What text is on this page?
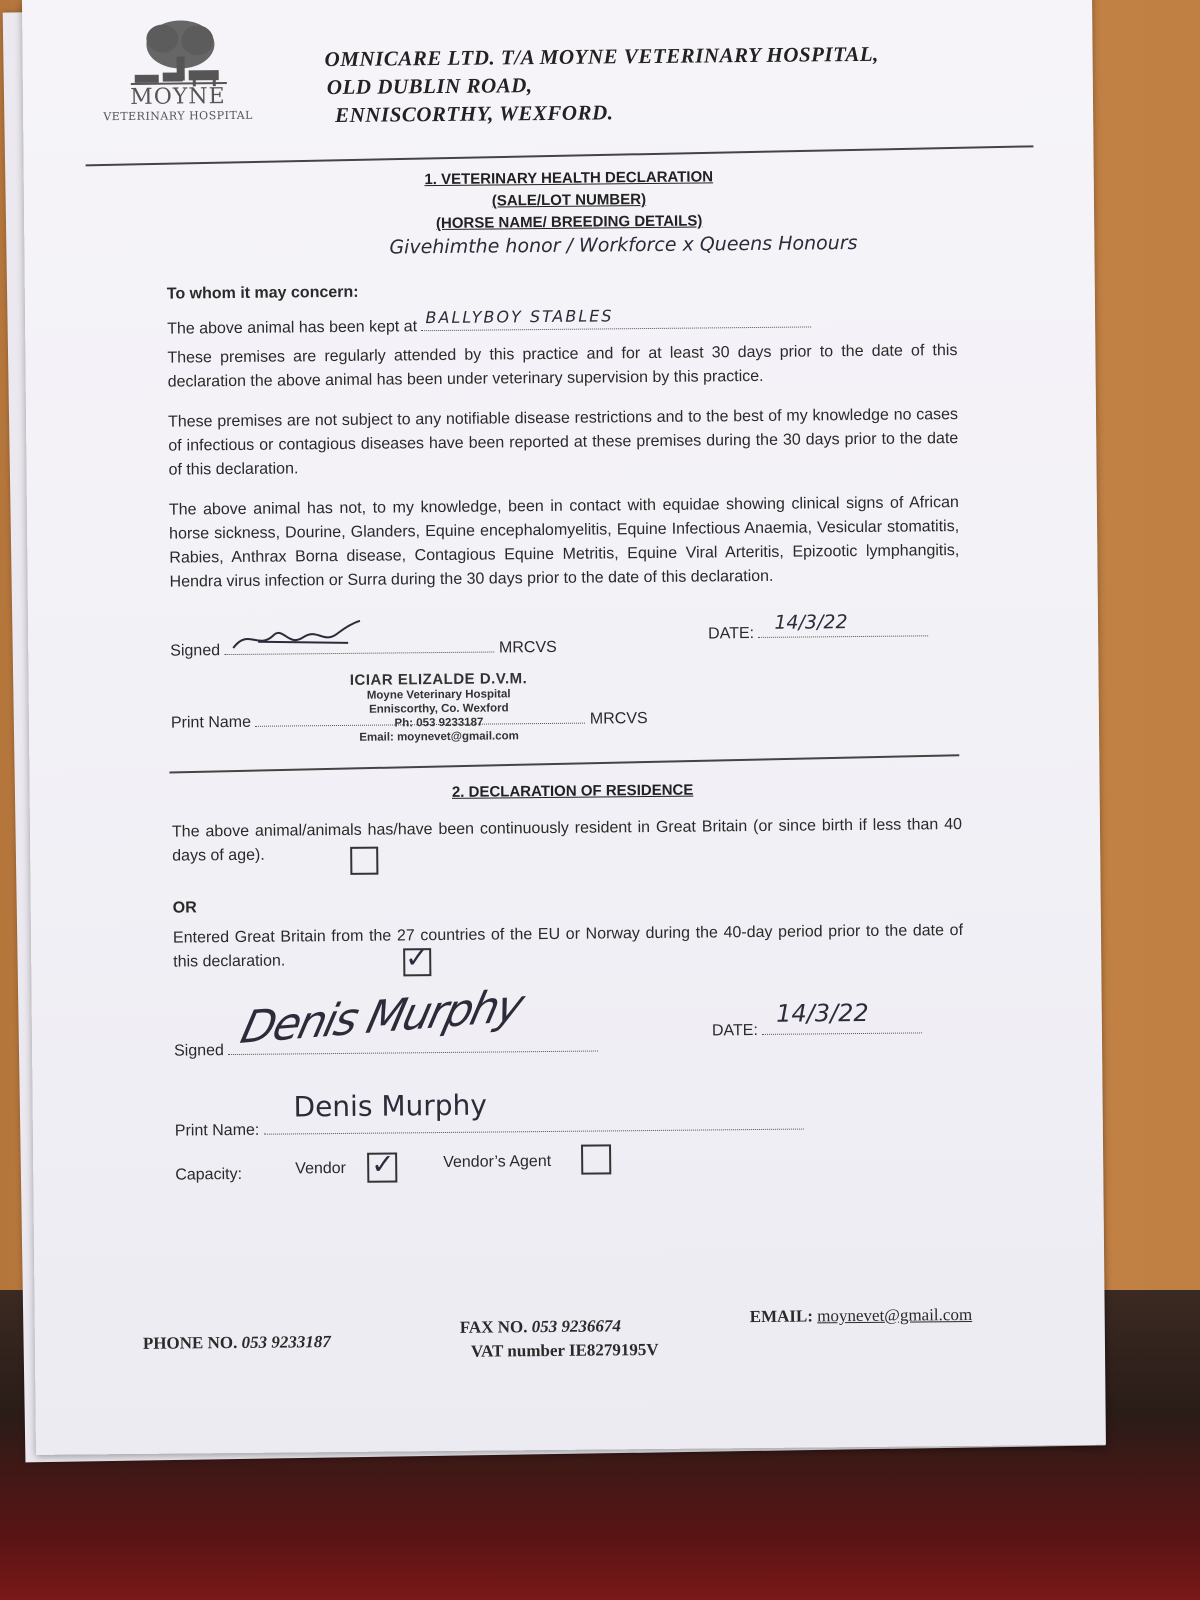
MOYNE
VETERINARY HOSPITAL
OMNICARE LTD. T/A MOYNE VETERINARY HOSPITAL,
OLD DUBLIN ROAD,
ENNISCORTHY, WEXFORD.
1. VETERINARY HEALTH DECLARATION
(SALE/LOT NUMBER)
(HORSE NAME/ BREEDING DETAILS)
Givehimthe honor / Workforce x Queens Honours
To whom it may concern:
The above animal has been kept at
BALLYBOY STABLES
These premises are regularly attended by this practice and for at least 30 days prior to the date of this declaration the above animal has been under veterinary supervision by this practice.
These premises are not subject to any notifiable disease restrictions and to the best of my knowledge no cases of infectious or contagious diseases have been reported at these premises during the 30 days prior to the date of this declaration.
The above animal has not, to my knowledge, been in contact with equidae showing clinical signs of African horse sickness, Dourine, Glanders, Equine encephalomyelitis, Equine Infectious Anaemia, Vesicular stomatitis, Rabies, Anthrax Borna disease, Contagious Equine Metritis, Equine Viral Arteritis, Epizootic lymphangitis, Hendra virus infection or Surra during the 30 days prior to the date of this declaration.
Signed	MRCVS
DATE: 14/3/22
ICIAR ELIZALDE D.V.M.
Moyne Veterinary Hospital
Enniscorthy, Co. Wexford
Ph: 053 9233187
Email: moynevet@gmail.com
Print Name	MRCVS
2. DECLARATION OF RESIDENCE
The above animal/animals has/have been continuously resident in Great Britain (or since birth if less than 40 days of age).
OR
Entered Great Britain from the 27 countries of the EU or Norway during the 40-day period prior to the date of this declaration.	✓
Signed Denis Murphy	DATE:
14/3/22
Print Name:
Denis Murphy
Capacity:	Vendor ✓	Vendor’s Agent
PHONE NO. 053 9233187
FAX NO. 053 9236674
VAT number IE8279195V
EMAIL: moynevet@gmail.com
